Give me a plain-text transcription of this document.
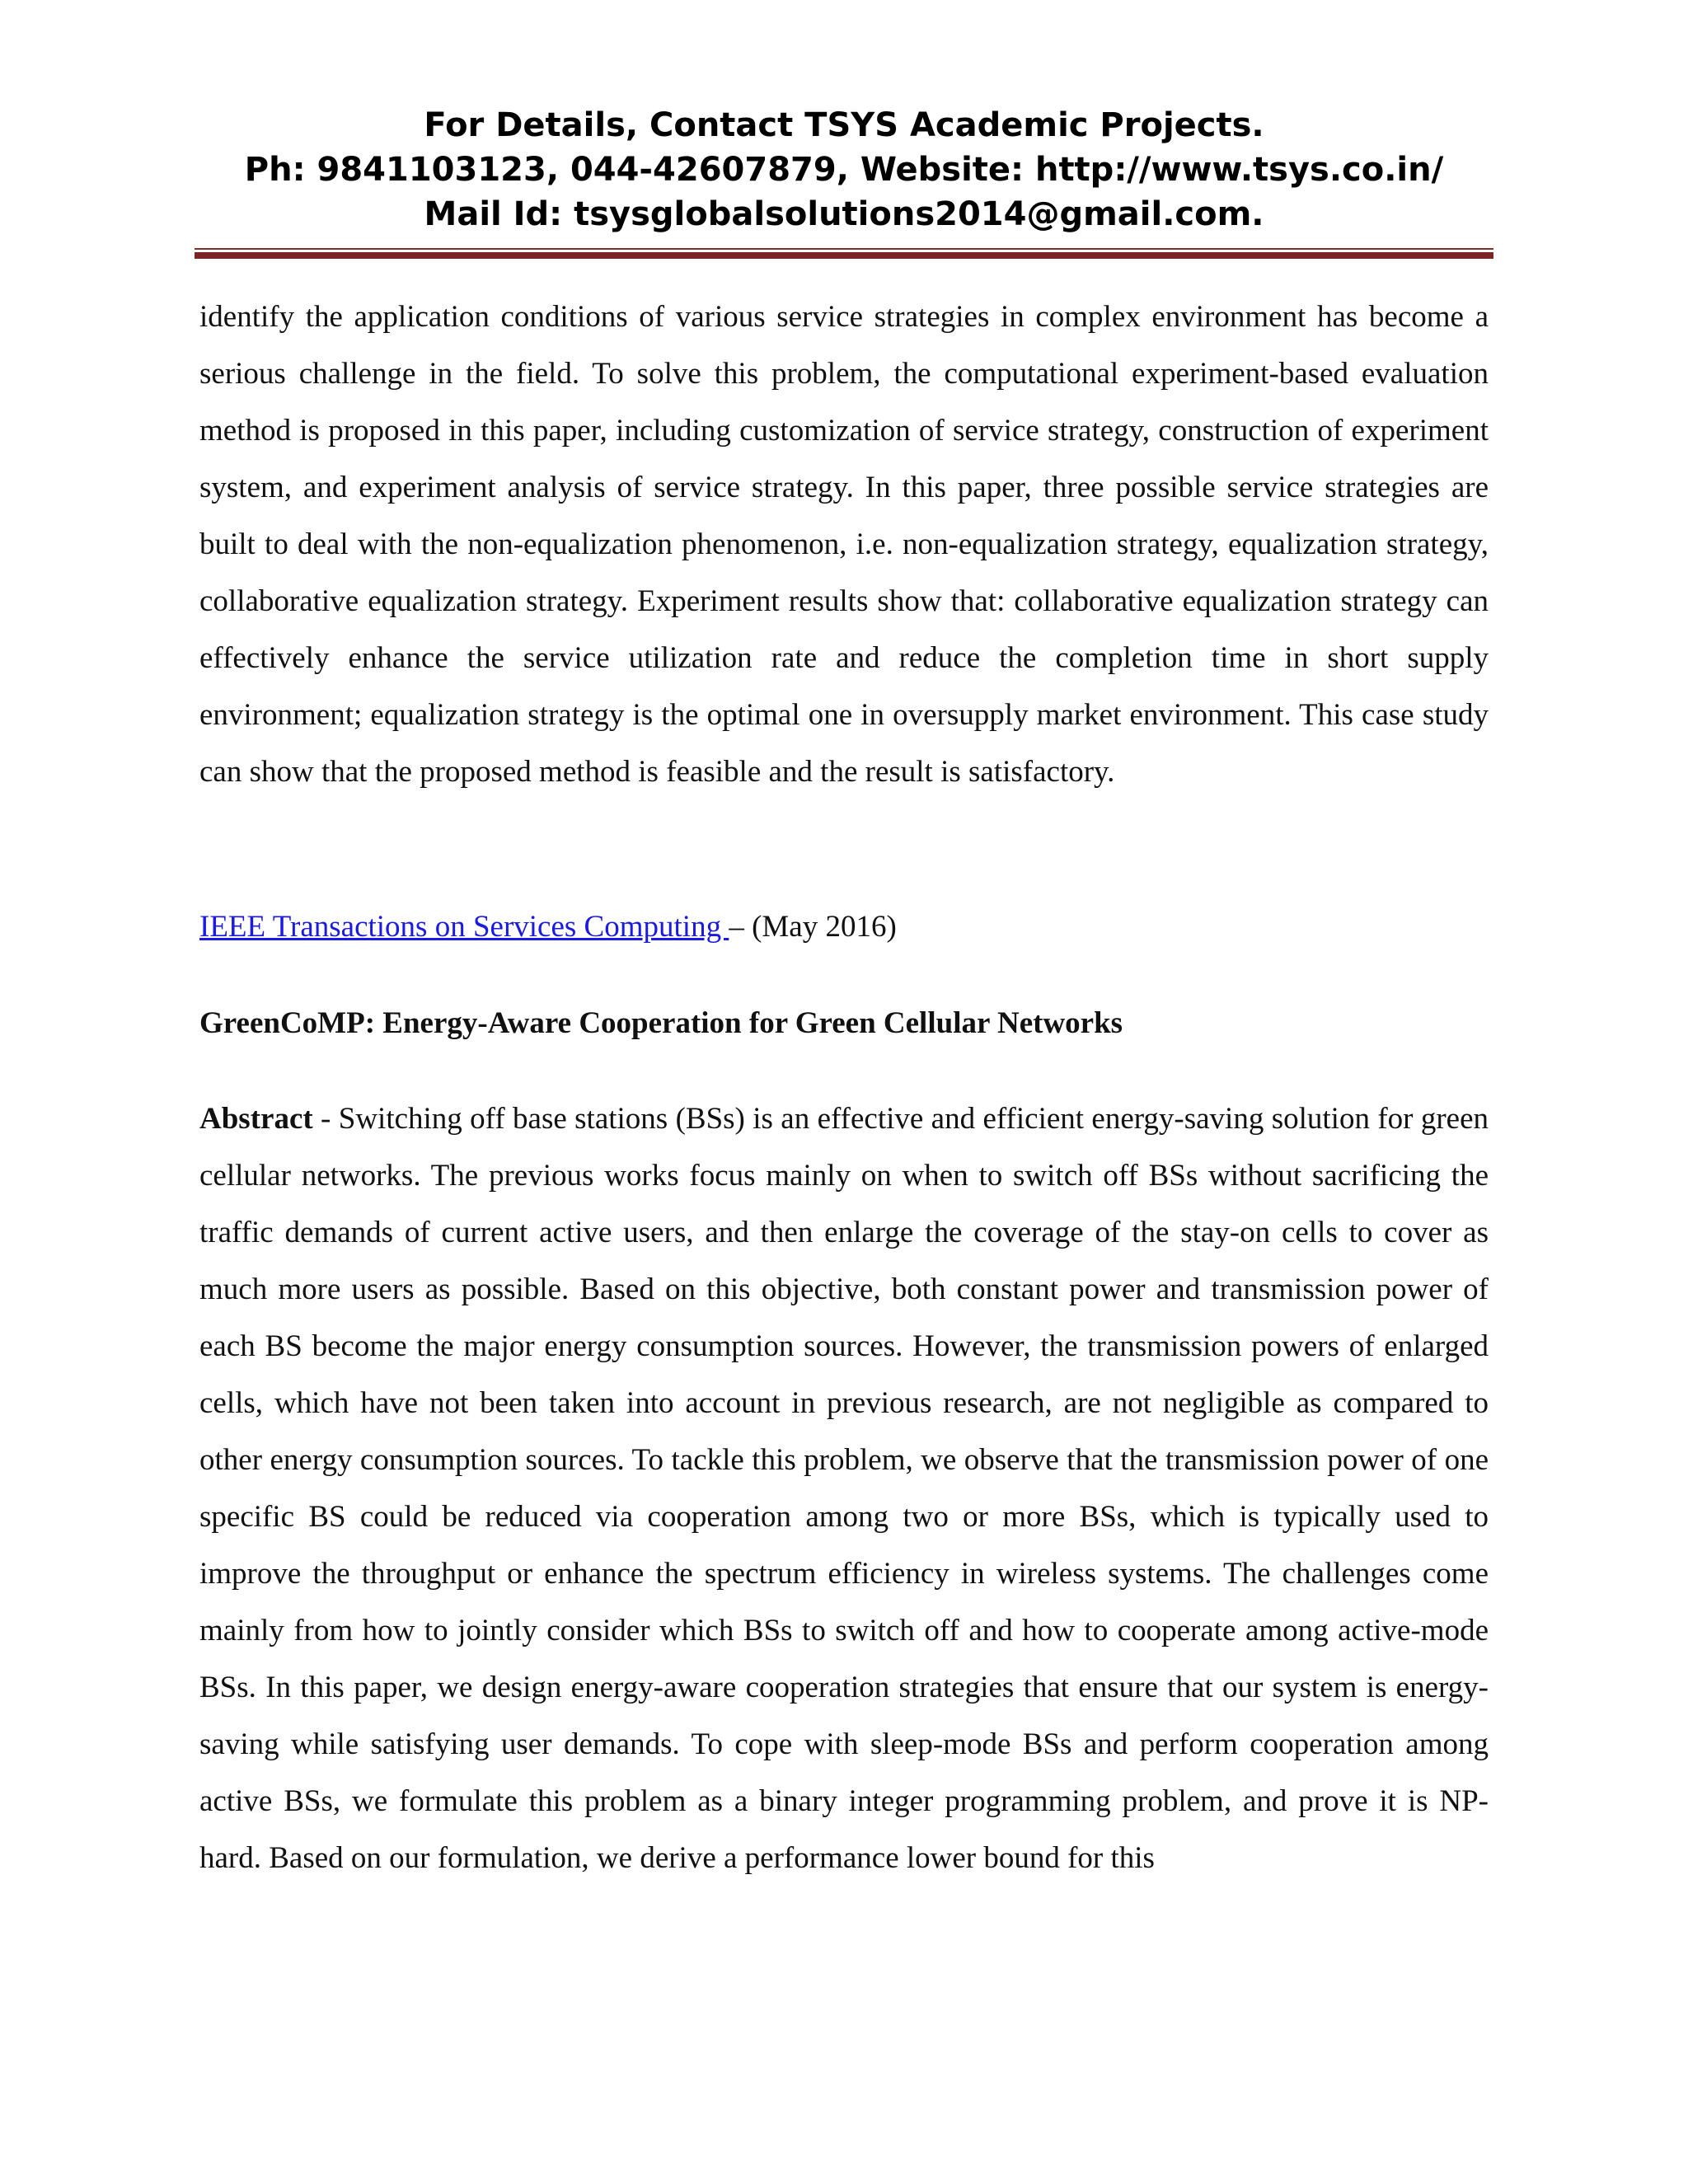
For Details, Contact TSYS Academic Projects.
Ph: 9841103123, 044-42607879, Website: http://www.tsys.co.in/
Mail Id: tsysglobalsolutions2014@gmail.com.

identify the application conditions of various service strategies in complex environment has become a serious challenge in the field. To solve this problem, the computational experiment-based evaluation method is proposed in this paper, including customization of service strategy, construction of experiment system, and experiment analysis of service strategy. In this paper, three possible service strategies are built to deal with the non-equalization phenomenon, i.e. non-equalization strategy, equalization strategy, collaborative equalization strategy. Experiment results show that: collaborative equalization strategy can effectively enhance the service utilization rate and reduce the completion time in short supply environment; equalization strategy is the optimal one in oversupply market environment. This case study can show that the proposed method is feasible and the result is satisfactory.

IEEE Transactions on Services Computing – (May 2016)
GreenCoMP: Energy-Aware Cooperation for Green Cellular Networks

Abstract - Switching off base stations (BSs) is an effective and efficient energy-saving solution for green cellular networks. The previous works focus mainly on when to switch off BSs without sacrificing the traffic demands of current active users, and then enlarge the coverage of the stay-on cells to cover as much more users as possible. Based on this objective, both constant power and transmission power of each BS become the major energy consumption sources. However, the transmission powers of enlarged cells, which have not been taken into account in previous research, are not negligible as compared to other energy consumption sources. To tackle this problem, we observe that the transmission power of one specific BS could be reduced via cooperation among two or more BSs, which is typically used to improve the throughput or enhance the spectrum efficiency in wireless systems. The challenges come mainly from how to jointly consider which BSs to switch off and how to cooperate among active-mode BSs. In this paper, we design energy-aware cooperation strategies that ensure that our system is energy-saving while satisfying user demands. To cope with sleep-mode BSs and perform cooperation among active BSs, we formulate this problem as a binary integer programming problem, and prove it is NP-hard. Based on our formulation, we derive a performance lower bound for this
